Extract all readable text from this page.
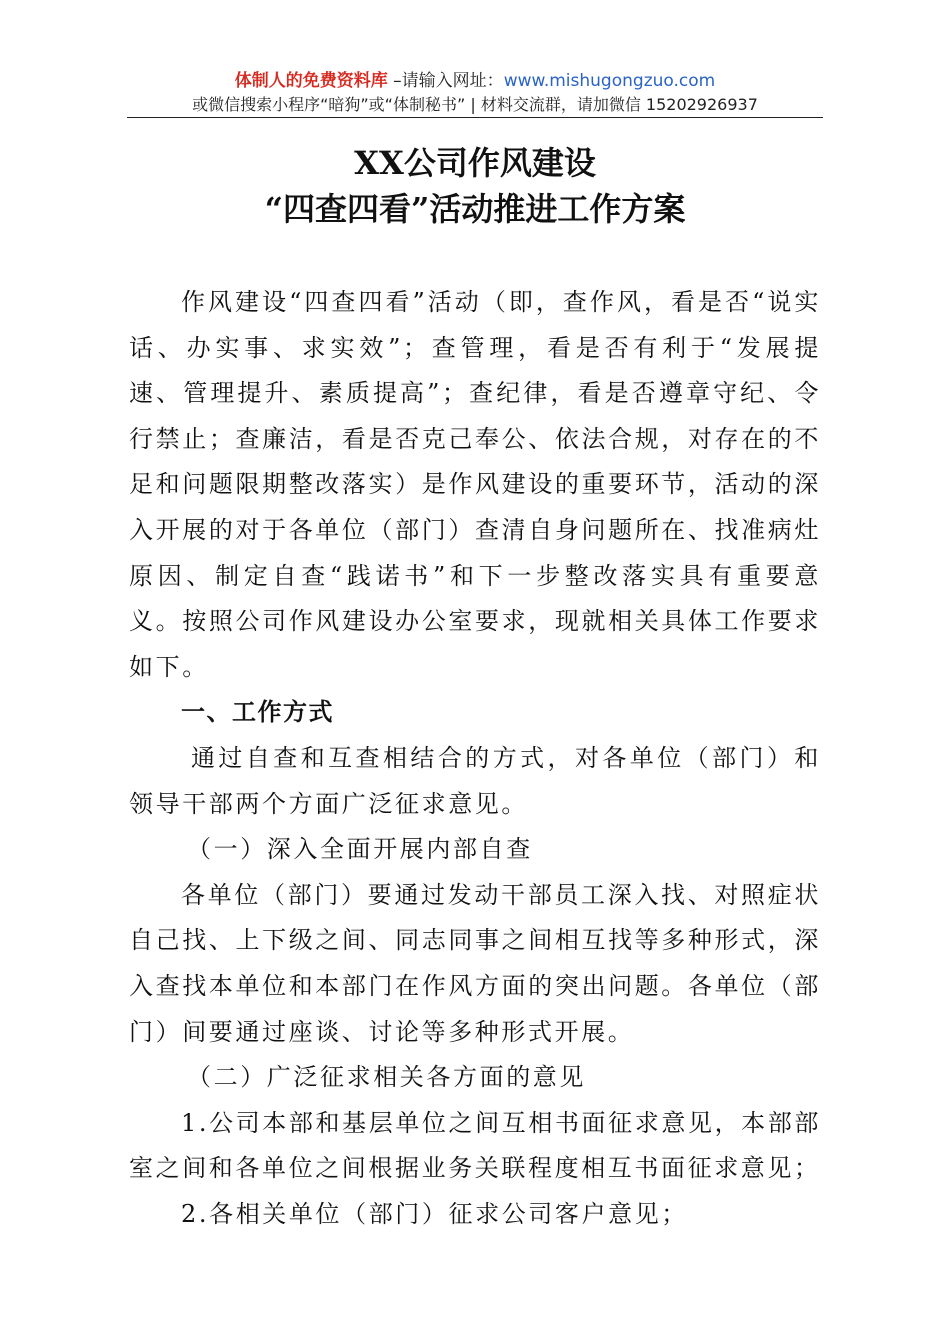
体制人的免费资料库 –请输入网址：www.mishugongzuo.com
或微信搜索小程序“暗狗”或“体制秘书” | 材料交流群，请加微信 15202926937
XX公司作风建设
“四查四看”活动推进工作方案

作风建设“四查四看”活动（即，查作风，看是否“说实话、办实事、求实效”；查管理，看是否有利于“发展提速、管理提升、素质提高”；查纪律，看是否遵章守纪、令行禁止；查廉洁，看是否克己奉公、依法合规，对存在的不足和问题限期整改落实）是作风建设的重要环节，活动的深入开展的对于各单位（部门）查清自身问题所在、找准病灶原因、制定自查“践诺书”和下一步整改落实具有重要意义。按照公司作风建设办公室要求，现就相关具体工作要求如下。

一、工作方式

通过自查和互查相结合的方式，对各单位（部门）和领导干部两个方面广泛征求意见。

（一）深入全面开展内部自查

各单位（部门）要通过发动干部员工深入找、对照症状自己找、上下级之间、同志同事之间相互找等多种形式，深入查找本单位和本部门在作风方面的突出问题。各单位（部门）间要通过座谈、讨论等多种形式开展。

（二）广泛征求相关各方面的意见

1.公司本部和基层单位之间互相书面征求意见，本部部室之间和各单位之间根据业务关联程度相互书面征求意见；

2.各相关单位（部门）征求公司客户意见；
